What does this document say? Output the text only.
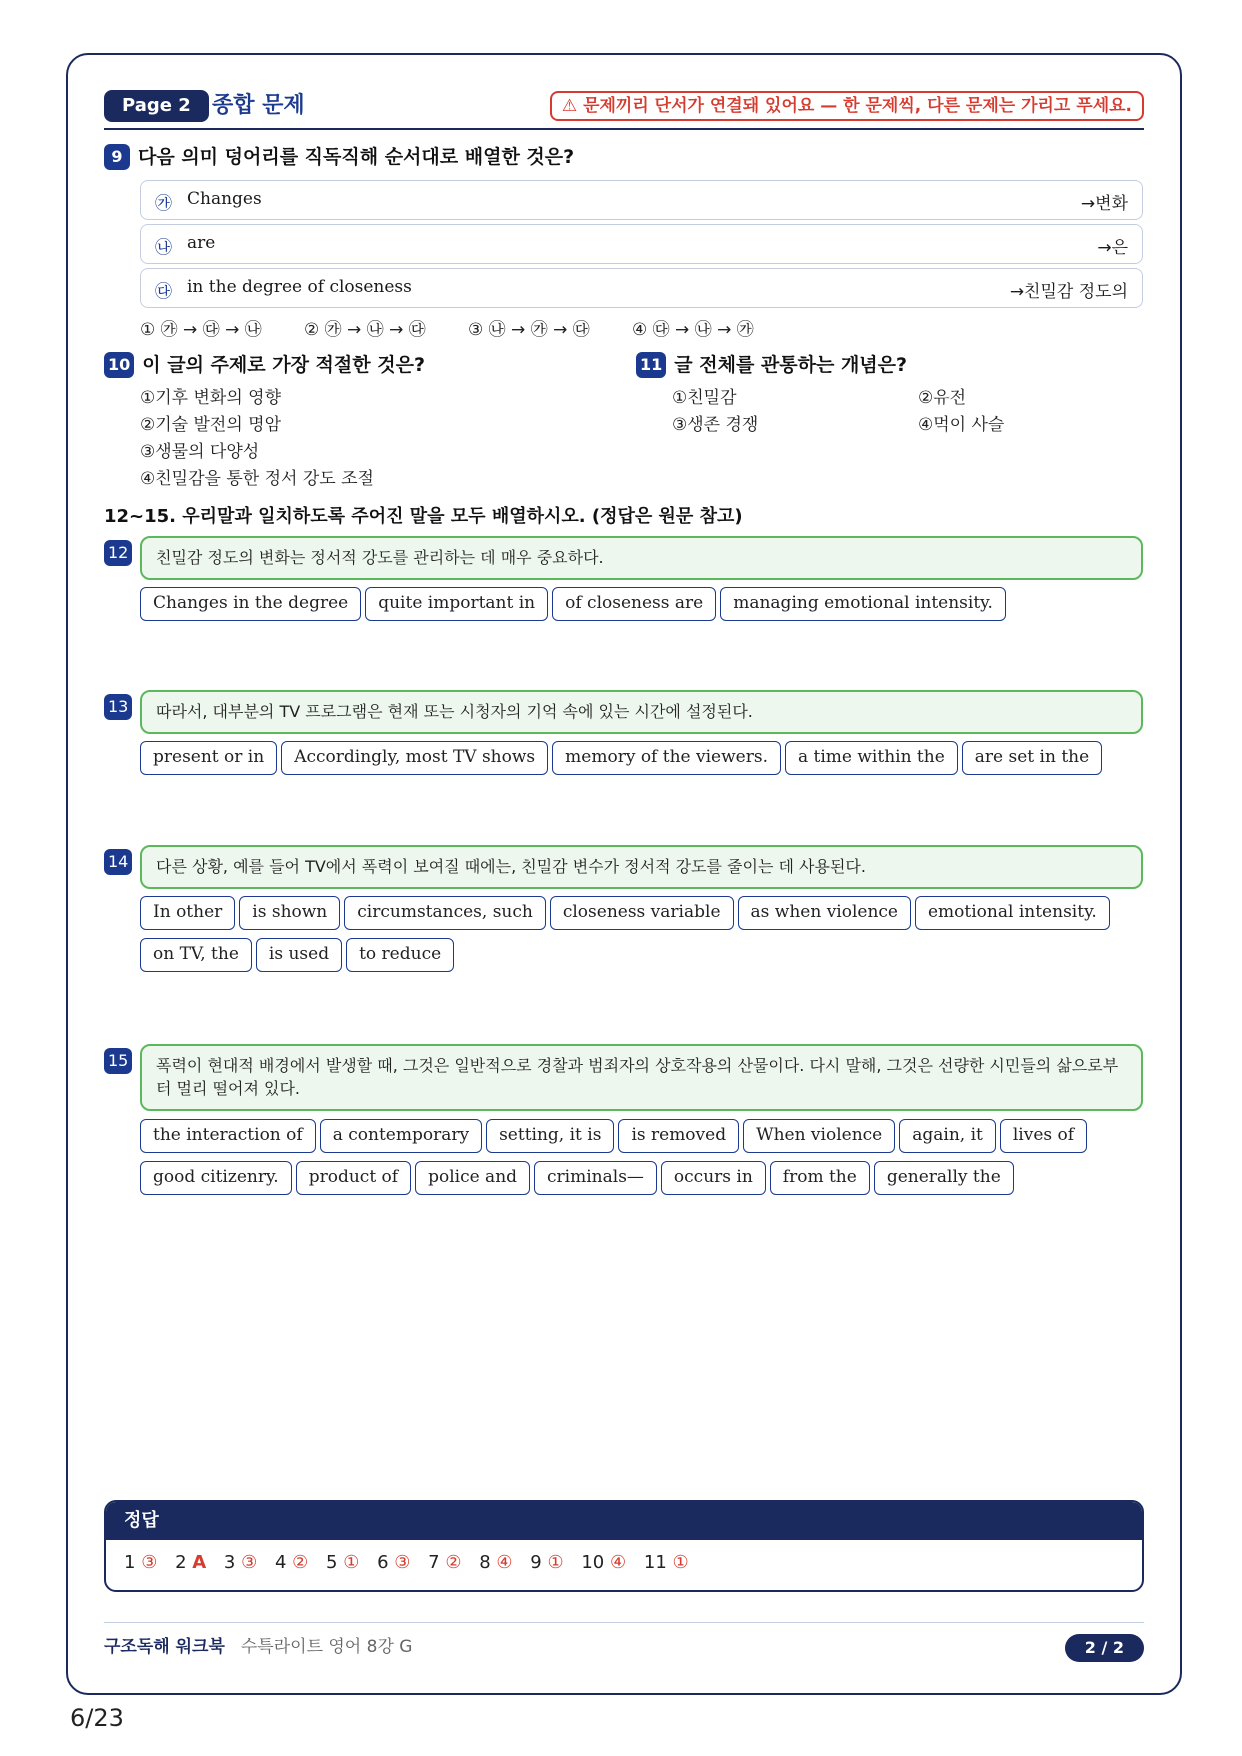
Page 2 종합 문제	⚠ 문제끼리 단서가 연결돼 있어요 — 한 문제씩, 다른 문제는 가리고 푸세요.
9 다음 의미 덩어리를 직독직해 순서대로 배열한 것은?
㉮ Changes	→변화
㉯ are	→은
㉰ in the degree of closeness	→친밀감 정도의
① ㉮ → ㉰ → ㉯ ② ㉮ → ㉯ → ㉰ ③ ㉯ → ㉮ → ㉰ ④ ㉰ → ㉯ → ㉮
10 이 글의 주제로 가장 적절한 것은?
①기후 변화의 영향
②기술 발전의 명암
③생물의 다양성
④친밀감을 통한 정서 강도 조절
11 글 전체를 관통하는 개념은?
①친밀감	②유전
③생존 경쟁	④먹이 사슬
12~15. 우리말과 일치하도록 주어진 말을 모두 배열하시오. (정답은 원문 참고)
12	친밀감 정도의 변화는 정서적 강도를 관리하는 데 매우 중요하다.
Changes in the degree quite important in of closeness are managing emotional intensity.
13	따라서, 대부분의 TV 프로그램은 현재 또는 시청자의 기억 속에 있는 시간에 설정된다.
present or in Accordingly, most TV shows memory of the viewers. a time within the are set in the
14	다른 상황, 예를 들어 TV에서 폭력이 보여질 때에는, 친밀감 변수가 정서적 강도를 줄이는 데 사용된다.
In other is shown circumstances, such closeness variable as when violence emotional intensity.
on TV, the is used to reduce
15	폭력이 현대적 배경에서 발생할 때, 그것은 일반적으로 경찰과 범죄자의 상호작용의 산물이다. 다시 말해, 그것은 선량한 시민들의 삶으로부터 멀리 떨어져 있다.
the interaction of a contemporary setting, it is is removed When violence again, it lives of
good citizenry. product of police and criminals— occurs in from the generally the
정답
1 ③ 2 A 3 ③ 4 ② 5 ① 6 ③ 7 ② 8 ④ 9 ① 10 ④ 11 ①
구조독해 워크북 수특라이트 영어 8강 G	2 / 2
6/23
